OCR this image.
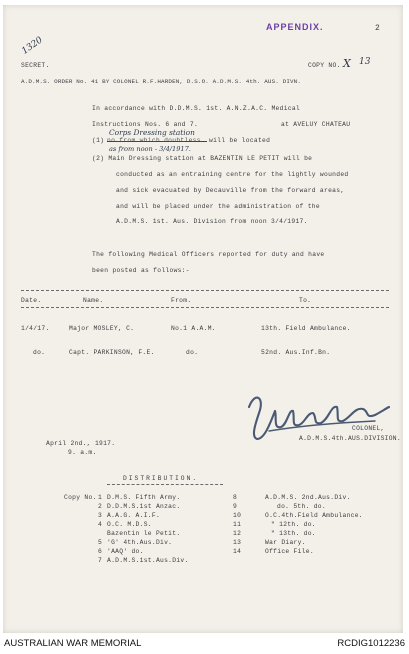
APPENDIX.	2
1320
SECRET.	COPY NO. X 13
A.D.M.S. ORDER No. 41 BY COLONEL R.F.HARDEN, D.S.O. A.D.M.S. 4th. AUS. DIVN.
In accordance with D.D.M.S. 1st. A.N.Z.A.C. Medical
Instructions Nos. 6 and 7.	at AVELUY CHATEAU
Corps Dressing station
(1) no from which doubtless will be located
as from noon - 3/4/1917.
(2) Main Dressing station at BAZENTIN LE PETIT will be
conducted as an entraining centre for the lightly wounded
and sick evacuated by Decauville from the forward areas,
and will be placed under the administration of the
A.D.M.S. 1st. Aus. Division from noon 3/4/1917.
The following Medical Officers reported for duty and have
been posted as follows:-
Date.	Name.	From.	To.
1/4/17.	Major MOSLEY, C.	No.1 A.A.M.	13th. Field Ambulance.
do.	Capt. PARKINSON, F.E.	do.	52nd. Aus.Inf.Bn.
COLONEL,
A.D.M.S.4th.AUS.DIVISION.
April 2nd., 1917.
9. a.m.
DISTRIBUTION.
Copy No. 1 D.M.S. Fifth Army.
2 D.D.M.S.1st Anzac.
3 A.A.G. A.I.F.
4 O.C. M.D.S.
Bazentin le Petit.
5 'G' 4th.Aus.Div.
6 'AAQ' do.
7 A.D.M.S.1st.Aus.Div.
8	A.D.M.S. 2nd.Aus.Div.
9	do. 5th. do.
10	O.C.4th.Field Ambulance.
11	" 12th. do.
12	" 13th. do.
13	War Diary.
14	Office File.
AUSTRALIAN WAR MEMORIAL	RCDIG1012236
